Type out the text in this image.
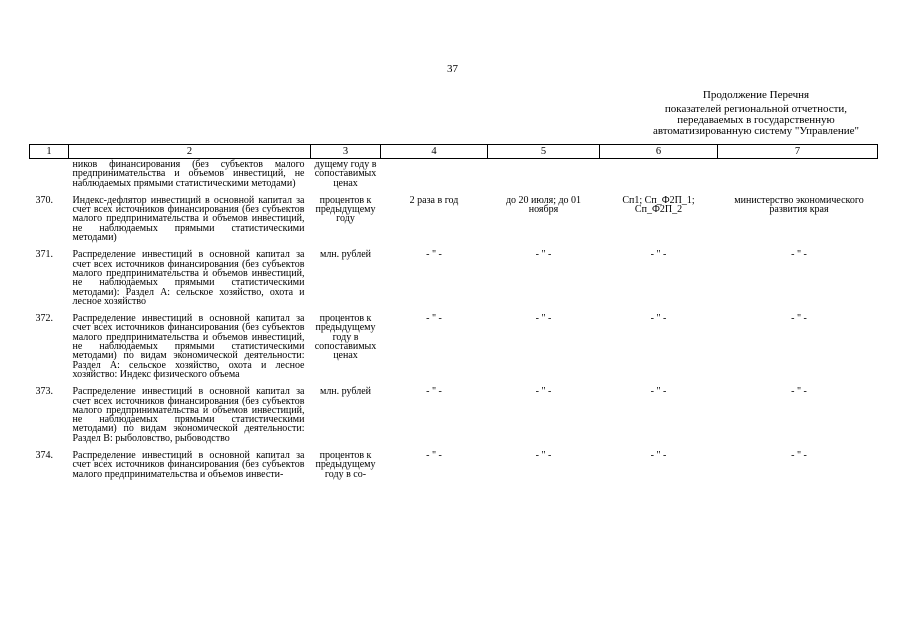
37
Продолжение Перечня
показателей региональной отчетности,
передаваемых в государственную
автоматизированную систему "Управление"
1	2	3	4	5	6	7
	ников финансирования (без субъектов малого предпринимательства и объемов инвестиций, не наблюдаемых прямыми статистическими методами)	дущему году в сопоставимых ценах				
370.	Индекс-дефлятор инвестиций в основной капитал за счет всех источников финансирования (без субъектов малого предпринимательства и объемов инвестиций, не наблюдаемых прямыми статистическими методами)	процентов к предыдущему году	2 раза в год	до 20 июля; до 01 ноября	Сп1; Сп_Ф2П_1; Сп_Ф2П_2	министерство экономического развития края
371.	Распределение инвестиций в основной капитал за счет всех источников финансирования (без субъектов малого предпринимательства и объемов инвестиций, не наблюдаемых прямыми статистическими методами): Раздел А: сельское хозяйство, охота и лесное хозяйство	млн. рублей	- " -	- " -	- " -	- " -
372.	Распределение инвестиций в основной капитал за счет всех источников финансирования (без субъектов малого предпринимательства и объемов инвестиций, не наблюдаемых прямыми статистическими методами) по видам экономической деятельности: Раздел А: сельское хозяйство, охота и лесное хозяйство: Индекс физического объема	процентов к предыдущему году в сопоставимых ценах	- " -	- " -	- " -	- " -
373.	Распределение инвестиций в основной капитал за счет всех источников финансирования (без субъектов малого предпринимательства и объемов инвестиций, не наблюдаемых прямыми статистическими методами) по видам экономической деятельности: Раздел В: рыболовство, рыбоводство	млн. рублей	- " -	- " -	- " -	- " -
374.	Распределение инвестиций в основной капитал за счет всех источников финансирования (без субъектов малого предпринимательства и объемов инвести-	процентов к предыдущему году в со-	- " -	- " -	- " -	- " -
